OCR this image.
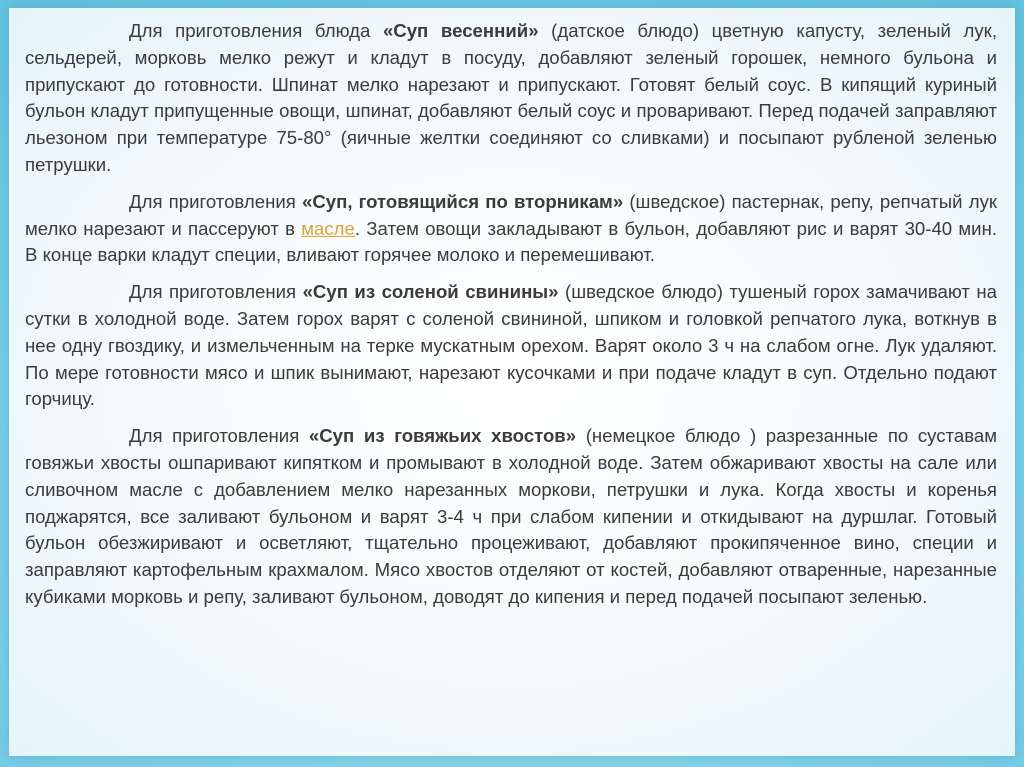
Для приготовления блюда «Суп весенний» (датское блюдо) цветную капусту, зеленый лук, сельдерей, морковь мелко режут и кладут в посуду, добавляют зеленый горошек, немного бульона и припускают до готовности. Шпинат мелко нарезают и припускают. Готовят белый соус. В кипящий куриный бульон кладут припущенные овощи, шпинат, добавляют белый соус и проваривают. Перед подачей заправляют льезоном при температуре 75-80° (яичные желтки соединяют со сливками) и посыпают рубленой зеленью петрушки.

Для приготовления «Суп, готовящийся по вторникам» (шведское) пастернак, репу, репчатый лук мелко нарезают и пассеруют в масле. Затем овощи закладывают в бульон, добавляют рис и варят 30-40 мин. В конце варки кладут специи, вливают горячее молоко и перемешивают.

Для приготовления «Суп из соленой свинины» (шведское блюдо) тушеный горох замачивают на сутки в холодной воде. Затем горох варят с соленой свининой, шпиком и головкой репчатого лука, воткнув в нее одну гвоздику, и измельченным на терке мускатным орехом. Варят около 3 ч на слабом огне. Лук удаляют. По мере готовности мясо и шпик вынимают, нарезают кусочками и при подаче кладут в суп. Отдельно подают горчицу.

Для приготовления «Суп из говяжьих хвостов» (немецкое блюдо ) разрезанные по суставам говяжьи хвосты ошпаривают кипятком и промывают в холодной воде. Затем обжаривают хвосты на сале или сливочном масле с добавлением мелко нарезанных моркови, петрушки и лука. Когда хвосты и коренья поджарятся, все заливают бульоном и варят 3-4 ч при слабом кипении и откидывают на дуршлаг. Готовый бульон обезжиривают и осветляют, тщательно процеживают, добавляют прокипяченное вино, специи и заправляют картофельным крахмалом. Мясо хвостов отделяют от костей, добавляют отваренные, нарезанные кубиками морковь и репу, заливают бульоном, доводят до кипения и перед подачей посыпают зеленью.
